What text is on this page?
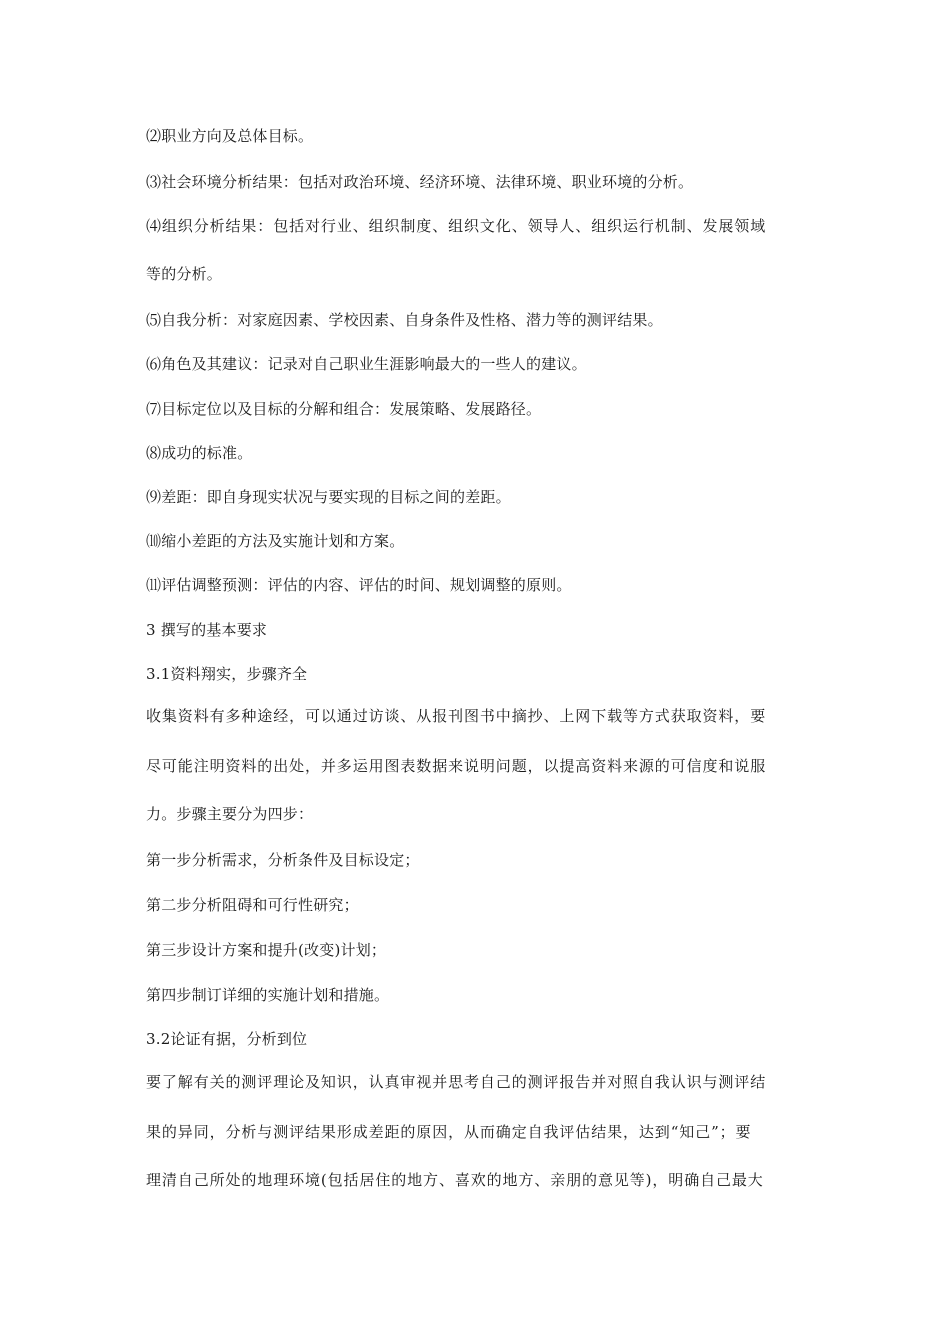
⑵职业方向及总体目标。
⑶社会环境分析结果：包括对政治环境、经济环境、法律环境、职业环境的分析。
⑷组织分析结果：包括对行业、组织制度、组织文化、领导人、组织运行机制、发展领域
等的分析。
⑸自我分析：对家庭因素、学校因素、自身条件及性格、潜力等的测评结果。
⑹角色及其建议：记录对自己职业生涯影响最大的一些人的建议。
⑺目标定位以及目标的分解和组合：发展策略、发展路径。
⑻成功的标准。
⑼差距：即自身现实状况与要实现的目标之间的差距。
⑽缩小差距的方法及实施计划和方案。
⑾评估调整预测：评估的内容、评估的时间、规划调整的原则。
3 撰写的基本要求
3.1资料翔实，步骤齐全
收集资料有多种途经，可以通过访谈、从报刊图书中摘抄、上网下载等方式获取资料，要
尽可能注明资料的出处，并多运用图表数据来说明问题，以提高资料来源的可信度和说服
力。步骤主要分为四步：
第一步分析需求，分析条件及目标设定；
第二步分析阻碍和可行性研究；
第三步设计方案和提升(改变)计划；
第四步制订详细的实施计划和措施。
3.2论证有据，分析到位
要了解有关的测评理论及知识，认真审视并思考自己的测评报告并对照自我认识与测评结
果的异同，分析与测评结果形成差距的原因，从而确定自我评估结果，达到“知己”；要
理清自己所处的地理环境(包括居住的地方、喜欢的地方、亲朋的意见等)，明确自己最大
